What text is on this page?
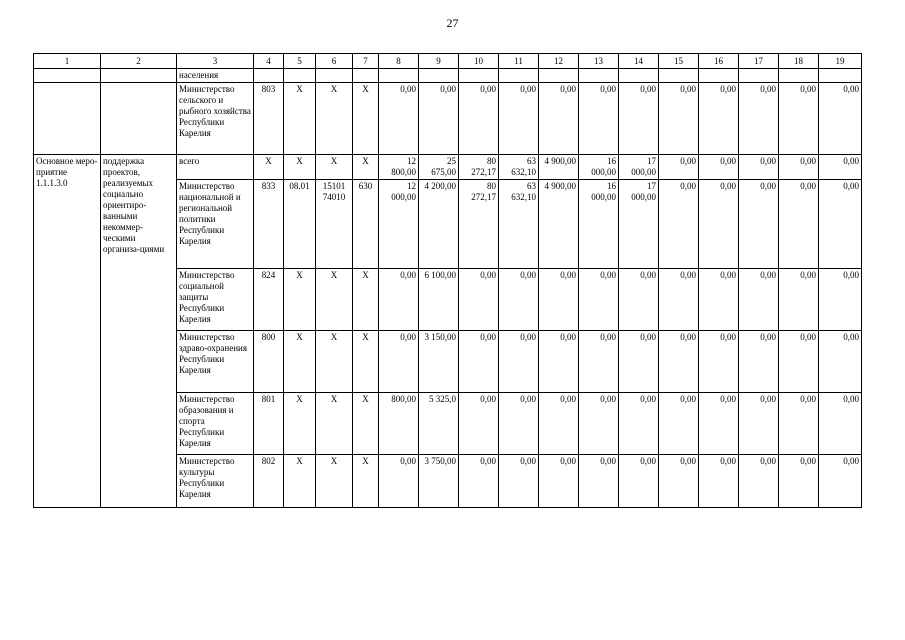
27
1	2	3	4	5	6	7	8	9	10	11	12	13	14	15	16	17	18	19
		населения																
		Министерство сельского и рыбного хозяйства Республики Карелия	803	X	X	X	0,00	0,00	0,00	0,00	0,00	0,00	0,00	0,00	0,00	0,00	0,00	0,00
Основное меро-приятие 1.1.1.3.0	поддержка проектов, реализуемых социально ориентиро-ванными некоммер-ческими организа-циями	всего	X	X	X	X	12 800,00	25 675,00	80 272,17	63 632,10	4 900,00	16 000,00	17 000,00	0,00	0,00	0,00	0,00	0,00
		Министерство национальной и региональной политики Республики Карелия	833	08.01	15101 74010	630	12 000,00	4 200,00	80 272,17	63 632,10	4 900,00	16 000,00	17 000,00	0,00	0,00	0,00	0,00	0,00
		Министерство социальной защиты Республики Карелия	824	X	X	X	0,00	6 100,00	0,00	0,00	0,00	0,00	0,00	0,00	0,00	0,00	0,00	0,00
		Министерство здраво-охранения Республики Карелия	800	X	X	X	0,00	3 150,00	0,00	0,00	0,00	0,00	0,00	0,00	0,00	0,00	0,00	0,00
		Министерство образования и спорта Республики Карелия	801	X	X	X	800,00	5 325,0	0,00	0,00	0,00	0,00	0,00	0,00	0,00	0,00	0,00	0,00
		Министерство культуры Республики Карелия	802	X	X	X	0,00	3 750,00	0,00	0,00	0,00	0,00	0,00	0,00	0,00	0,00	0,00	0,00
